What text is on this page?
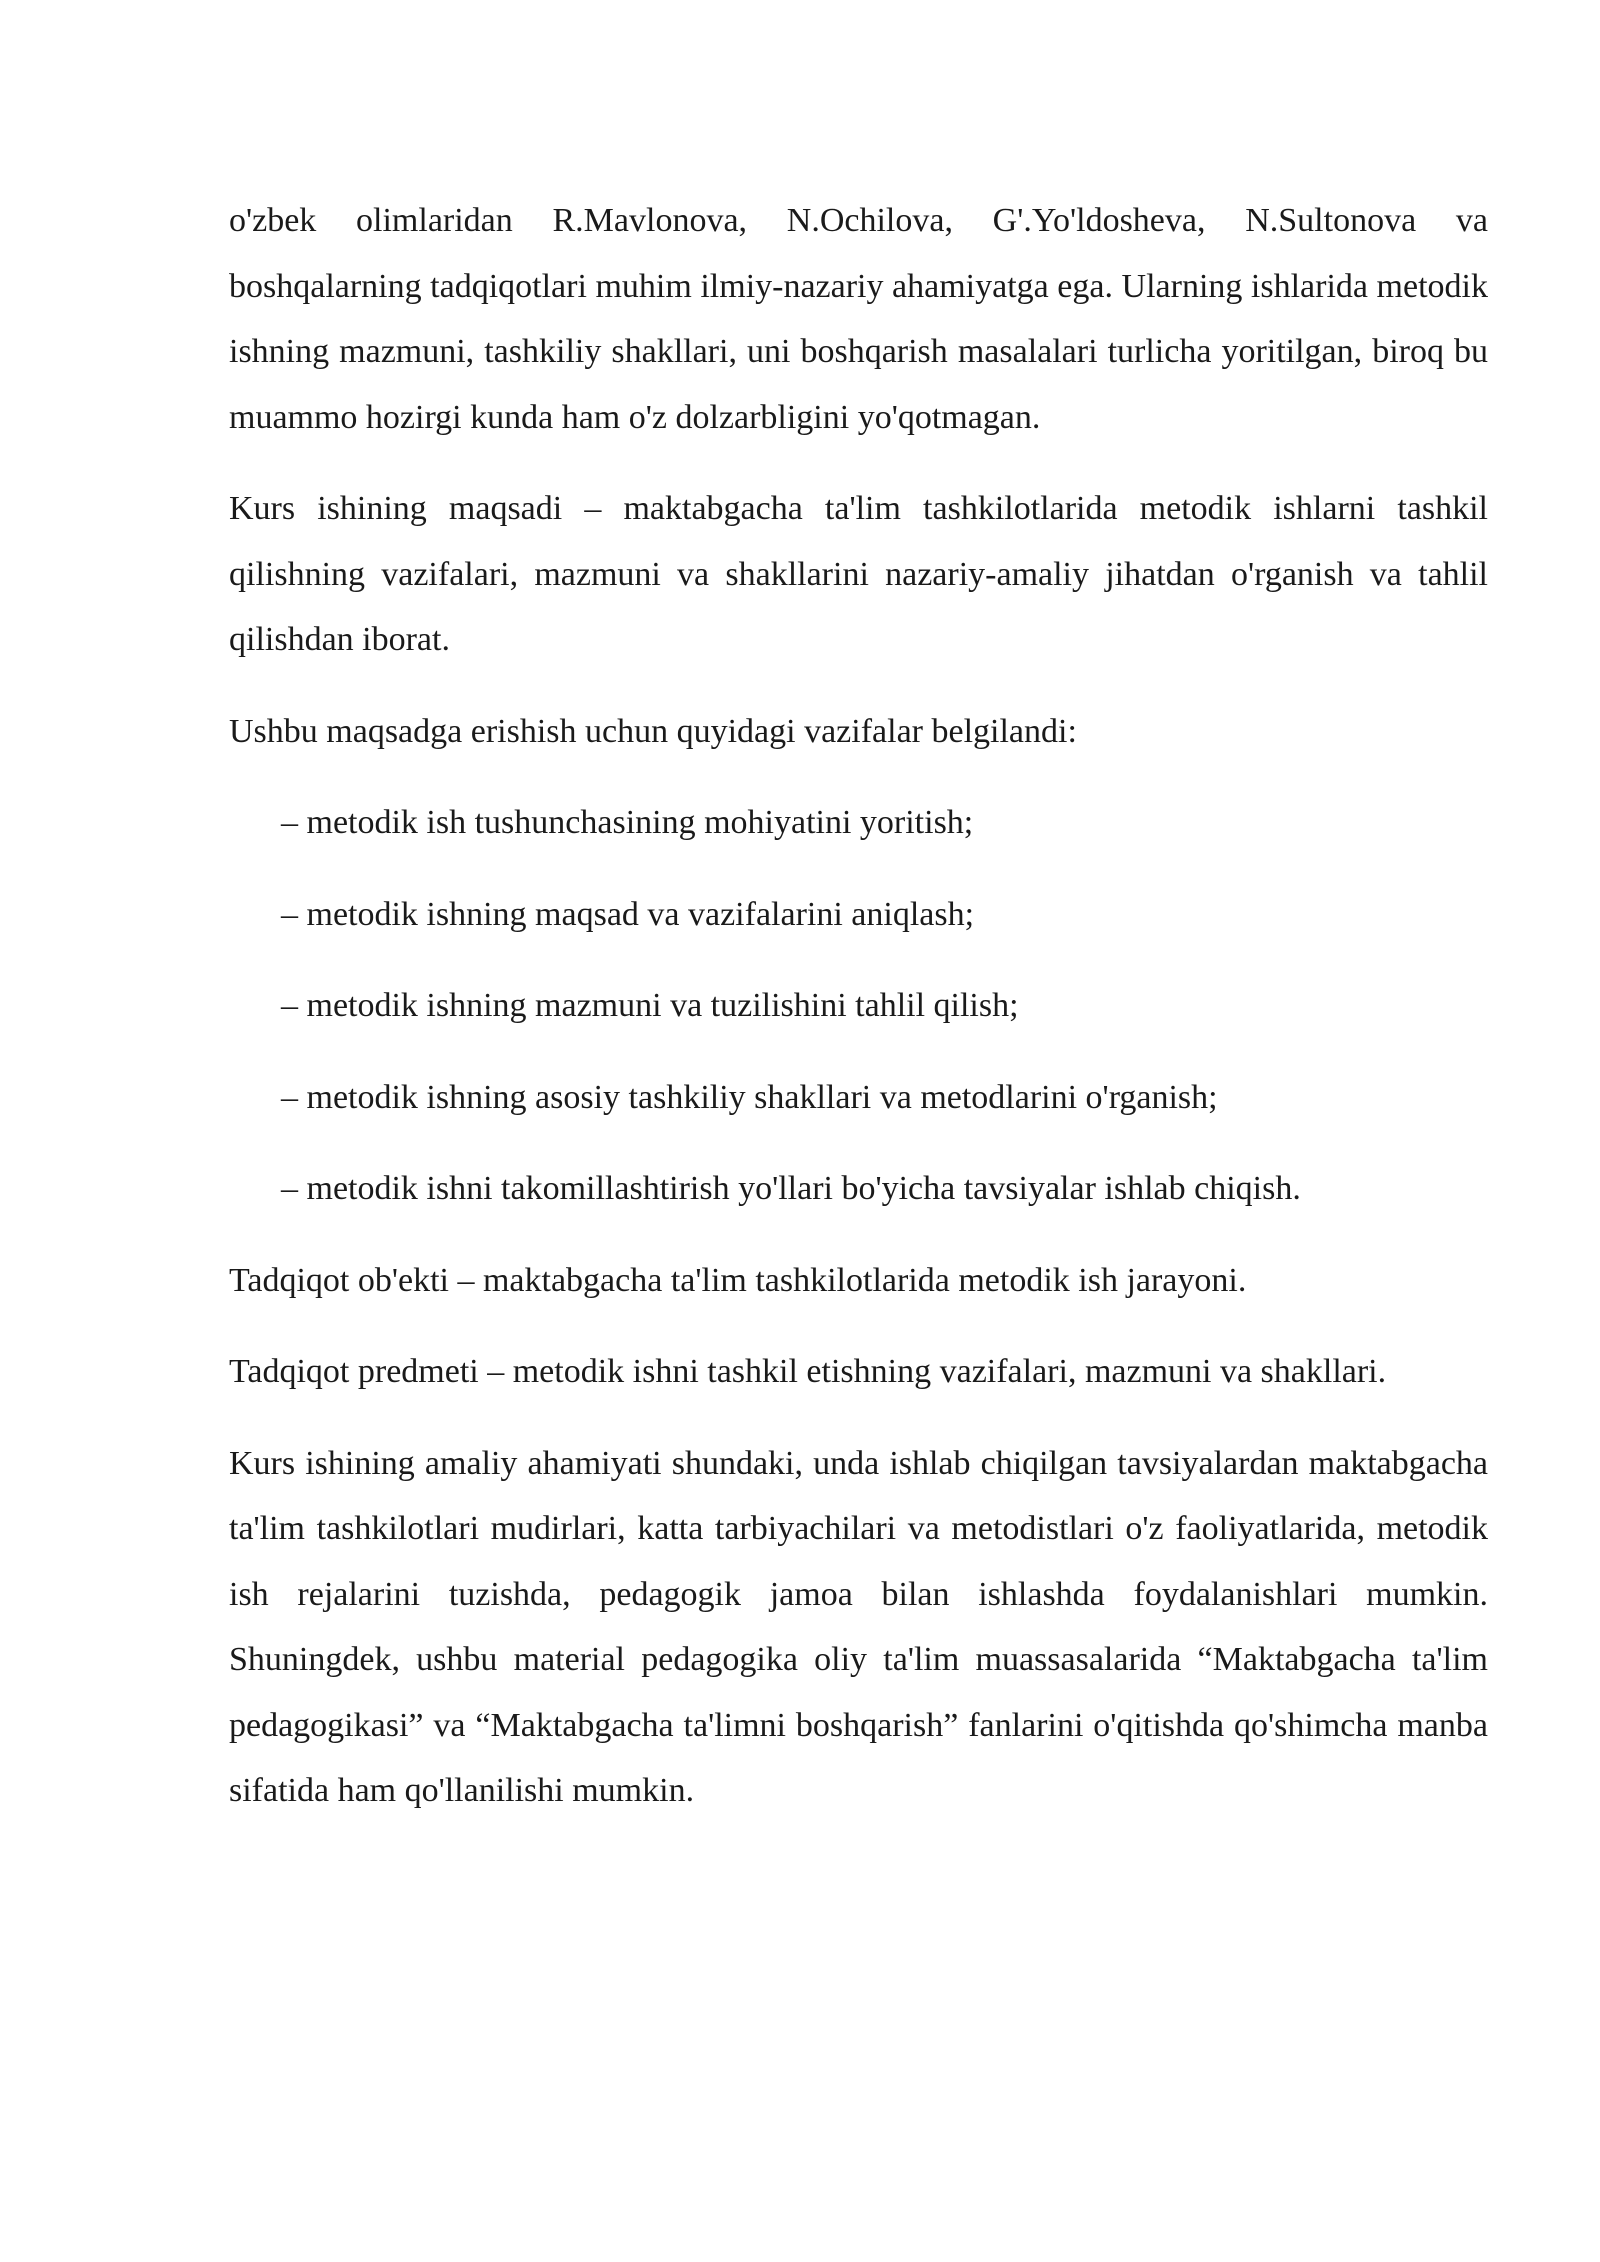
o'zbek olimlaridan R.Mavlonova, N.Ochilova, G'.Yo'ldosheva, N.Sultonova va boshqalarning tadqiqotlari muhim ilmiy-nazariy ahamiyatga ega. Ularning ishlarida metodik ishning mazmuni, tashkiliy shakllari, uni boshqarish masalalari turlicha yoritilgan, biroq bu muammo hozirgi kunda ham o'z dolzarbligini yo'qotmagan.

Kurs ishining maqsadi – maktabgacha ta'lim tashkilotlarida metodik ishlarni tashkil qilishning vazifalari, mazmuni va shakllarini nazariy-amaliy jihatdan o'rganish va tahlil qilishdan iborat.

Ushbu maqsadga erishish uchun quyidagi vazifalar belgilandi:

– metodik ish tushunchasining mohiyatini yoritish;
– metodik ishning maqsad va vazifalarini aniqlash;
– metodik ishning mazmuni va tuzilishini tahlil qilish;
– metodik ishning asosiy tashkiliy shakllari va metodlarini o'rganish;
– metodik ishni takomillashtirish yo'llari bo'yicha tavsiyalar ishlab chiqish.

Tadqiqot ob'ekti – maktabgacha ta'lim tashkilotlarida metodik ish jarayoni.

Tadqiqot predmeti – metodik ishni tashkil etishning vazifalari, mazmuni va shakllari.

Kurs ishining amaliy ahamiyati shundaki, unda ishlab chiqilgan tavsiyalardan maktabgacha ta'lim tashkilotlari mudirlari, katta tarbiyachilari va metodistlari o'z faoliyatlarida, metodik ish rejalarini tuzishda, pedagogik jamoa bilan ishlashda foydalanishlari mumkin. Shuningdek, ushbu material pedagogika oliy ta'lim muassasalarida “Maktabgacha ta'lim pedagogikasi” va “Maktabgacha ta'limni boshqarish” fanlarini o'qitishda qo'shimcha manba sifatida ham qo'llanilishi mumkin.
